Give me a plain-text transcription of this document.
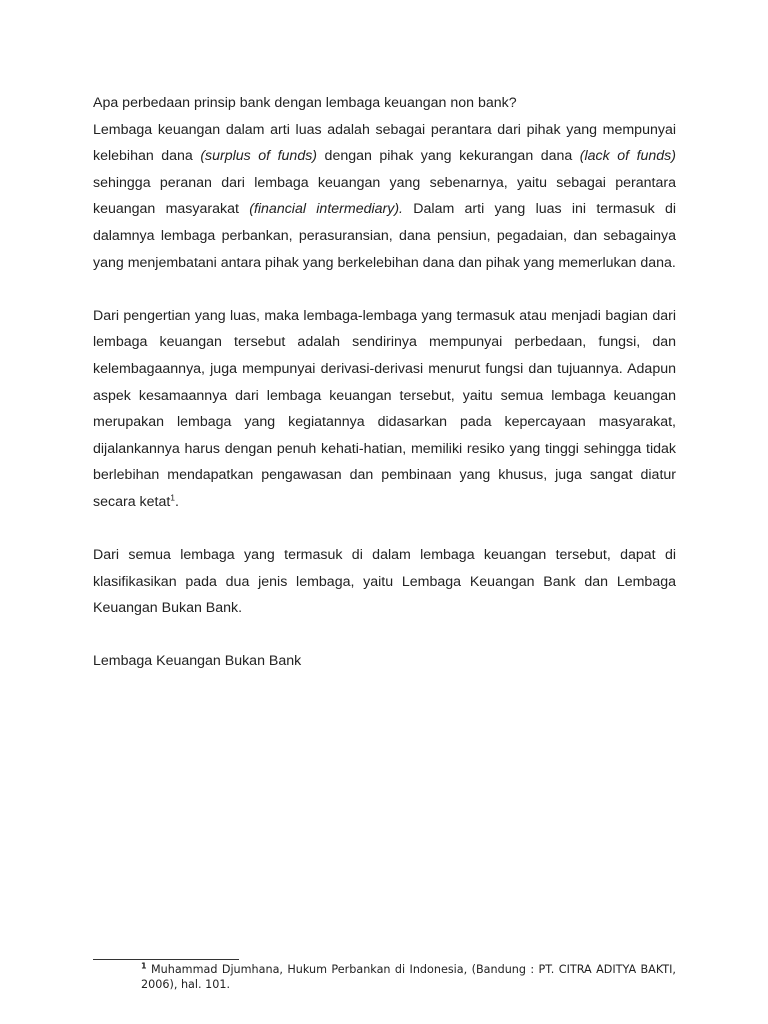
Apa perbedaan prinsip bank dengan lembaga keuangan non bank?

Lembaga keuangan dalam arti luas adalah sebagai perantara dari pihak yang mempunyai kelebihan dana (surplus of funds) dengan pihak yang kekurangan dana (lack of funds) sehingga peranan dari lembaga keuangan yang sebenarnya, yaitu sebagai perantara keuangan masyarakat (financial intermediary). Dalam arti yang luas ini termasuk di dalamnya lembaga perbankan, perasuransian, dana pensiun, pegadaian, dan sebagainya yang menjembatani antara pihak yang berkelebihan dana dan pihak yang memerlukan dana.

Dari pengertian yang luas, maka lembaga-lembaga yang termasuk atau menjadi bagian dari lembaga keuangan tersebut adalah sendirinya mempunyai perbedaan, fungsi, dan kelembagaannya, juga mempunyai derivasi-derivasi menurut fungsi dan tujuannya. Adapun aspek kesamaannya dari lembaga keuangan tersebut, yaitu semua lembaga keuangan merupakan lembaga yang kegiatannya didasarkan pada kepercayaan masyarakat, dijalankannya harus dengan penuh kehati-hatian, memiliki resiko yang tinggi sehingga tidak berlebihan mendapatkan pengawasan dan pembinaan yang khusus, juga sangat diatur secara ketat$^1$.

Dari semua lembaga yang termasuk di dalam lembaga keuangan tersebut, dapat di klasifikasikan pada dua jenis lembaga, yaitu Lembaga Keuangan Bank dan Lembaga Keuangan Bukan Bank.

Lembaga Keuangan Bukan Bank

$^1$ Muhammad Djumhana, Hukum Perbankan di Indonesia, (Bandung : PT. CITRA ADITYA BAKTI, 2006), hal. 101.
